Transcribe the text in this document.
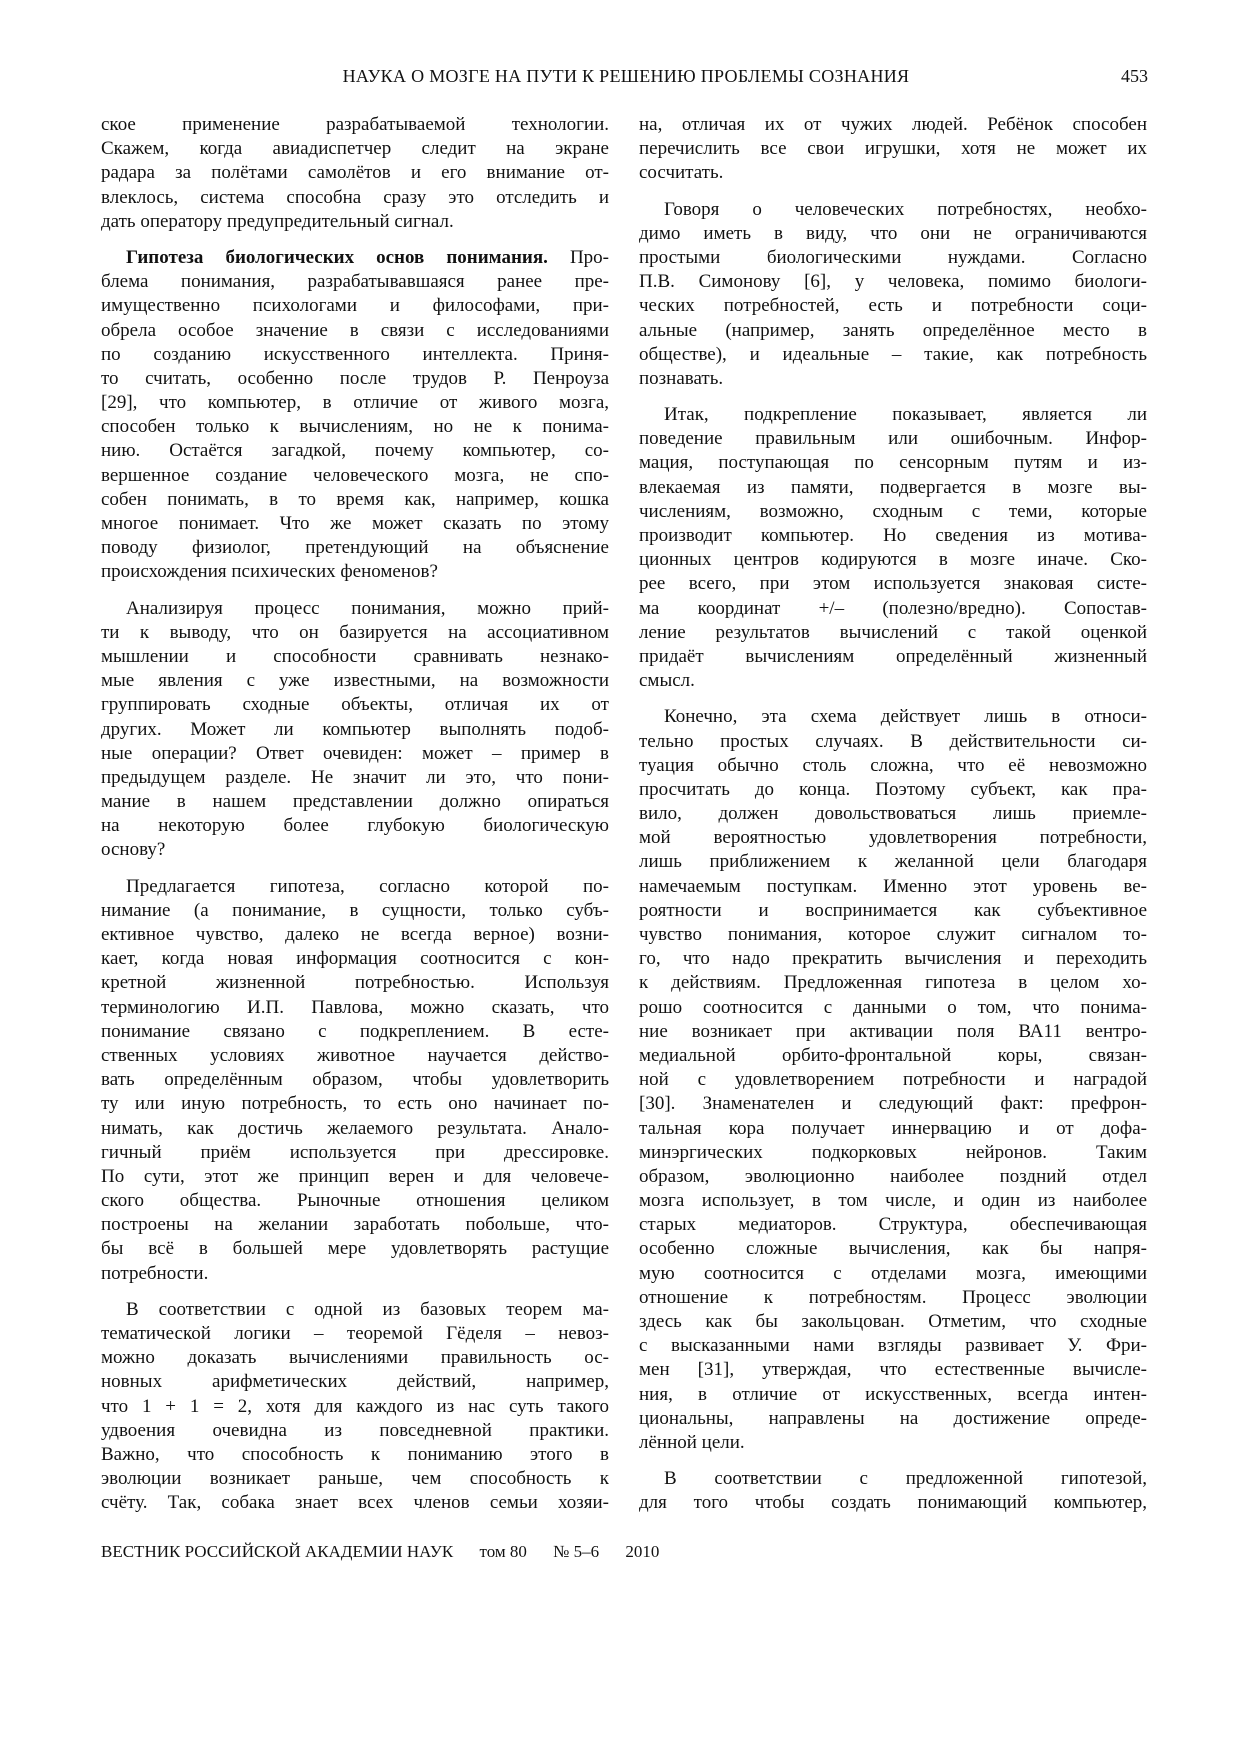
НАУКА О МОЗГЕ НА ПУТИ К РЕШЕНИЮ ПРОБЛЕМЫ СОЗНАНИЯ	453
ское применение разрабатываемой технологии.
Скажем, когда авиадиспетчер следит на экране
радара за полётами самолётов и его внимание от-
влеклось, система способна сразу это отследить и
дать оператору предупредительный сигнал.
Гипотеза биологических основ понимания. Про-
блема понимания, разрабатывавшаяся ранее пре-
имущественно психологами и философами, при-
обрела особое значение в связи с исследованиями
по созданию искусственного интеллекта. Приня-
то считать, особенно после трудов Р. Пенроуза
[29], что компьютер, в отличие от живого мозга,
способен только к вычислениям, но не к понима-
нию. Остаётся загадкой, почему компьютер, со-
вершенное создание человеческого мозга, не спо-
собен понимать, в то время как, например, кошка
многое понимает. Что же может сказать по этому
поводу физиолог, претендующий на объяснение
происхождения психических феноменов?
Анализируя процесс понимания, можно прий-
ти к выводу, что он базируется на ассоциативном
мышлении и способности сравнивать незнако-
мые явления с уже известными, на возможности
группировать сходные объекты, отличая их от
других. Может ли компьютер выполнять подоб-
ные операции? Ответ очевиден: может – пример в
предыдущем разделе. Не значит ли это, что пони-
мание в нашем представлении должно опираться
на некоторую более глубокую биологическую
основу?
Предлагается гипотеза, согласно которой по-
нимание (а понимание, в сущности, только субъ-
ективное чувство, далеко не всегда верное) возни-
кает, когда новая информация соотносится с кон-
кретной жизненной потребностью. Используя
терминологию И.П. Павлова, можно сказать, что
понимание связано с подкреплением. В есте-
ственных условиях животное научается действо-
вать определённым образом, чтобы удовлетворить
ту или иную потребность, то есть оно начинает по-
нимать, как достичь желаемого результата. Анало-
гичный приём используется при дрессировке.
По сути, этот же принцип верен и для человече-
ского общества. Рыночные отношения целиком
построены на желании заработать побольше, что-
бы всё в большей мере удовлетворять растущие
потребности.
В соответствии с одной из базовых теорем ма-
тематической логики – теоремой Гёделя – невоз-
можно доказать вычислениями правильность ос-
новных арифметических действий, например,
что 1 + 1 = 2, хотя для каждого из нас суть такого
удвоения очевидна из повседневной практики.
Важно, что способность к пониманию этого в
эволюции возникает раньше, чем способность к
счёту. Так, собака знает всех членов семьи хозяи-
на, отличая их от чужих людей. Ребёнок способен
перечислить все свои игрушки, хотя не может их
сосчитать.
Говоря о человеческих потребностях, необхо-
димо иметь в виду, что они не ограничиваются
простыми биологическими нуждами. Согласно
П.В. Симонову [6], у человека, помимо биологи-
ческих потребностей, есть и потребности соци-
альные (например, занять определённое место в
обществе), и идеальные – такие, как потребность
познавать.
Итак, подкрепление показывает, является ли
поведение правильным или ошибочным. Инфор-
мация, поступающая по сенсорным путям и из-
влекаемая из памяти, подвергается в мозге вы-
числениям, возможно, сходным с теми, которые
производит компьютер. Но сведения из мотива-
ционных центров кодируются в мозге иначе. Ско-
рее всего, при этом используется знаковая систе-
ма координат +/– (полезно/вредно). Сопостав-
ление результатов вычислений с такой оценкой
придаёт вычислениям определённый жизненный
смысл.
Конечно, эта схема действует лишь в относи-
тельно простых случаях. В действительности си-
туация обычно столь сложна, что её невозможно
просчитать до конца. Поэтому субъект, как пра-
вило, должен довольствоваться лишь приемле-
мой вероятностью удовлетворения потребности,
лишь приближением к желанной цели благодаря
намечаемым поступкам. Именно этот уровень ве-
роятности и воспринимается как субъективное
чувство понимания, которое служит сигналом то-
го, что надо прекратить вычисления и переходить
к действиям. Предложенная гипотеза в целом хо-
рошо соотносится с данными о том, что понима-
ние возникает при активации поля ВА11 вентро-
медиальной орбито-фронтальной коры, связан-
ной с удовлетворением потребности и наградой
[30]. Знаменателен и следующий факт: префрон-
тальная кора получает иннервацию и от дофа-
минэргических подкорковых нейронов. Таким
образом, эволюционно наиболее поздний отдел
мозга использует, в том числе, и один из наиболее
старых медиаторов. Структура, обеспечивающая
особенно сложные вычисления, как бы напря-
мую соотносится с отделами мозга, имеющими
отношение к потребностям. Процесс эволюции
здесь как бы закольцован. Отметим, что сходные
с высказанными нами взгляды развивает У. Фри-
мен [31], утверждая, что естественные вычисле-
ния, в отличие от искусственных, всегда интен-
циональны, направлены на достижение опреде-
лённой цели.
В соответствии с предложенной гипотезой,
для того чтобы создать понимающий компьютер,
ВЕСТНИК РОССИЙСКОЙ АКАДЕМИИ НАУК том 80 № 5–6 2010
